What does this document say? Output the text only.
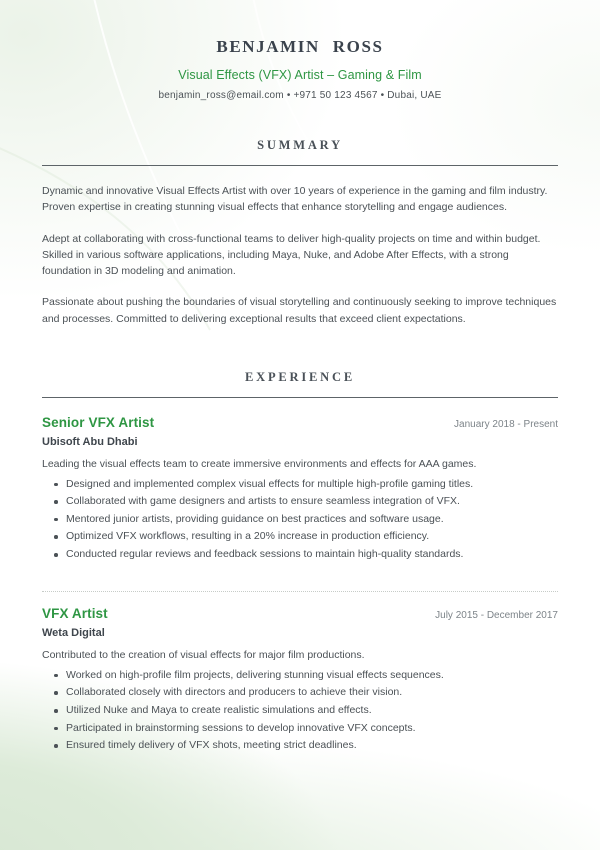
BENJAMIN ROSS
Visual Effects (VFX) Artist – Gaming & Film
benjamin_ross@email.com • +971 50 123 4567 • Dubai, UAE
SUMMARY

Dynamic and innovative Visual Effects Artist with over 10 years of experience in the gaming and film industry. Proven expertise in creating stunning visual effects that enhance storytelling and engage audiences.

Adept at collaborating with cross-functional teams to deliver high-quality projects on time and within budget. Skilled in various software applications, including Maya, Nuke, and Adobe After Effects, with a strong foundation in 3D modeling and animation.

Passionate about pushing the boundaries of visual storytelling and continuously seeking to improve techniques and processes. Committed to delivering exceptional results that exceed client expectations.

EXPERIENCE
Senior VFX Artist	January 2018 - Present
Ubisoft Abu Dhabi
Leading the visual effects team to create immersive environments and effects for AAA games.
Designed and implemented complex visual effects for multiple high-profile gaming titles.
Collaborated with game designers and artists to ensure seamless integration of VFX.
Mentored junior artists, providing guidance on best practices and software usage.
Optimized VFX workflows, resulting in a 20% increase in production efficiency.
Conducted regular reviews and feedback sessions to maintain high-quality standards.
VFX Artist	July 2015 - December 2017
Weta Digital
Contributed to the creation of visual effects for major film productions.
Worked on high-profile film projects, delivering stunning visual effects sequences.
Collaborated closely with directors and producers to achieve their vision.
Utilized Nuke and Maya to create realistic simulations and effects.
Participated in brainstorming sessions to develop innovative VFX concepts.
Ensured timely delivery of VFX shots, meeting strict deadlines.
